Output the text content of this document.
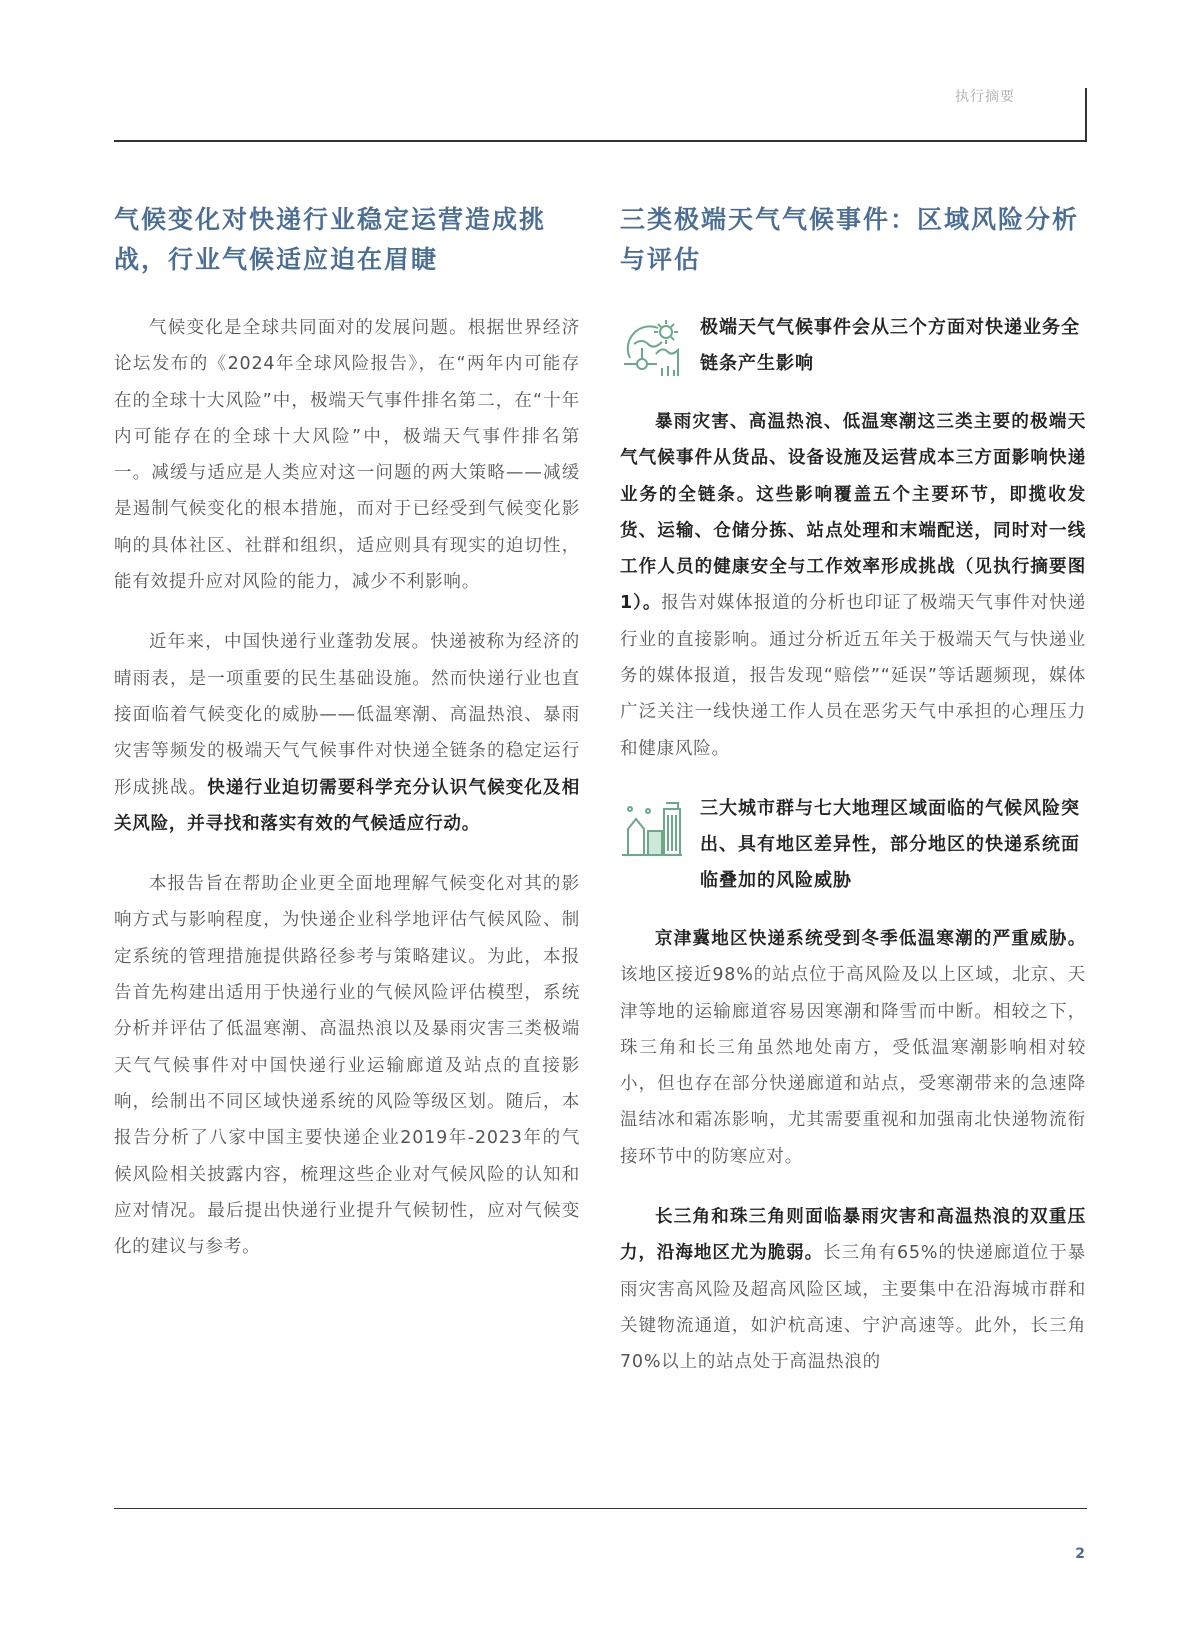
执行摘要
气候变化对快递行业稳定运营造成挑战，行业气候适应迫在眉睫

气候变化是全球共同面对的发展问题。根据世界经济论坛发布的《2024年全球风险报告》，在“两年内可能存在的全球十大风险”中，极端天气事件排名第二，在“十年内可能存在的全球十大风险”中，极端天气事件排名第一。减缓与适应是人类应对这一问题的两大策略——减缓是遏制气候变化的根本措施，而对于已经受到气候变化影响的具体社区、社群和组织，适应则具有现实的迫切性，能有效提升应对风险的能力，减少不利影响。

近年来，中国快递行业蓬勃发展。快递被称为经济的晴雨表，是一项重要的民生基础设施。然而快递行业也直接面临着气候变化的威胁——低温寒潮、高温热浪、暴雨灾害等频发的极端天气气候事件对快递全链条的稳定运行形成挑战。快递行业迫切需要科学充分认识气候变化及相关风险，并寻找和落实有效的气候适应行动。

本报告旨在帮助企业更全面地理解气候变化对其的影响方式与影响程度，为快递企业科学地评估气候风险、制定系统的管理措施提供路径参考与策略建议。为此，本报告首先构建出适用于快递行业的气候风险评估模型，系统分析并评估了低温寒潮、高温热浪以及暴雨灾害三类极端天气气候事件对中国快递行业运输廊道及站点的直接影响，绘制出不同区域快递系统的风险等级区划。随后，本报告分析了八家中国主要快递企业2019年-2023年的气候风险相关披露内容，梳理这些企业对气候风险的认知和应对情况。最后提出快递行业提升气候韧性，应对气候变化的建议与参考。

三类极端天气气候事件：区域风险分析与评估
极端天气气候事件会从三个方面对快递业务全链条产生影响

暴雨灾害、高温热浪、低温寒潮这三类主要的极端天气气候事件从货品、设备设施及运营成本三方面影响快递业务的全链条。这些影响覆盖五个主要环节，即揽收发货、运输、仓储分拣、站点处理和末端配送，同时对一线工作人员的健康安全与工作效率形成挑战（见执行摘要图1）。报告对媒体报道的分析也印证了极端天气事件对快递行业的直接影响。通过分析近五年关于极端天气与快递业务的媒体报道，报告发现“赔偿”“延误”等话题频现，媒体广泛关注一线快递工作人员在恶劣天气中承担的心理压力和健康风险。

三大城市群与七大地理区域面临的气候风险突出、具有地区差异性，部分地区的快递系统面临叠加的风险威胁

京津冀地区快递系统受到冬季低温寒潮的严重威胁。该地区接近98%的站点位于高风险及以上区域，北京、天津等地的运输廊道容易因寒潮和降雪而中断。相较之下，珠三角和长三角虽然地处南方，受低温寒潮影响相对较小，但也存在部分快递廊道和站点，受寒潮带来的急速降温结冰和霜冻影响，尤其需要重视和加强南北快递物流衔接环节中的防寒应对。

长三角和珠三角则面临暴雨灾害和高温热浪的双重压力，沿海地区尤为脆弱。长三角有65%的快递廊道位于暴雨灾害高风险及超高风险区域，主要集中在沿海城市群和关键物流通道，如沪杭高速、宁沪高速等。此外，长三角70%以上的站点处于高温热浪的

2
